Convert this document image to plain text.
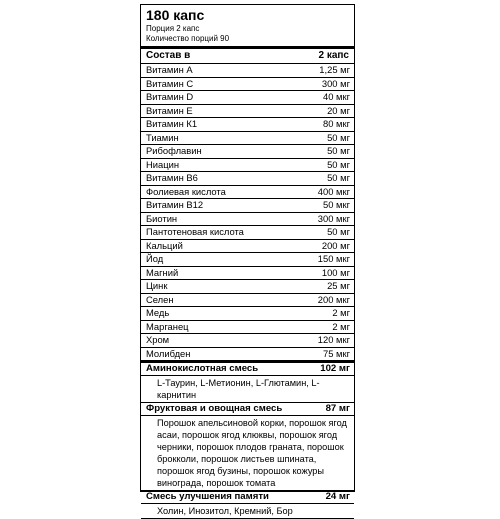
180 капс
Порция 2 капс
Количество порций 90
Состав в	2 капс
Витамин А	1,25 мг
Витамин С	300 мг
Витамин D	40 мкг
Витамин Е	20 мг
Витамин К1	80 мкг
Тиамин	50 мг
Рибофлавин	50 мг
Ниацин	50 мг
Витамин В6	50 мг
Фолиевая кислота	400 мкг
Витамин В12	50 мкг
Биотин	300 мкг
Пантотеновая кислота	50 мг
Кальций	200 мг
Йод	150 мкг
Магний	100 мг
Цинк	25 мг
Селен	200 мкг
Медь	2 мг
Марганец	2 мг
Хром	120 мкг
Молибден	75 мкг
Аминокислотная смесь	102 мг
L-Таурин, L-Метионин, L-Глютамин, L-карнитин
Фруктовая и овощная смесь	87 мг
Порошок апельсиновой корки, порошок ягод асаи, порошок ягод клюквы, порошок ягод черники, порошок плодов граната, порошок брокколи, порошок листьев шпината, порошок ягод бузины, порошок кожуры винограда, порошок томата
Смесь улучшения памяти	24 мг
Холин, Инозитол, Кремний, Бор
